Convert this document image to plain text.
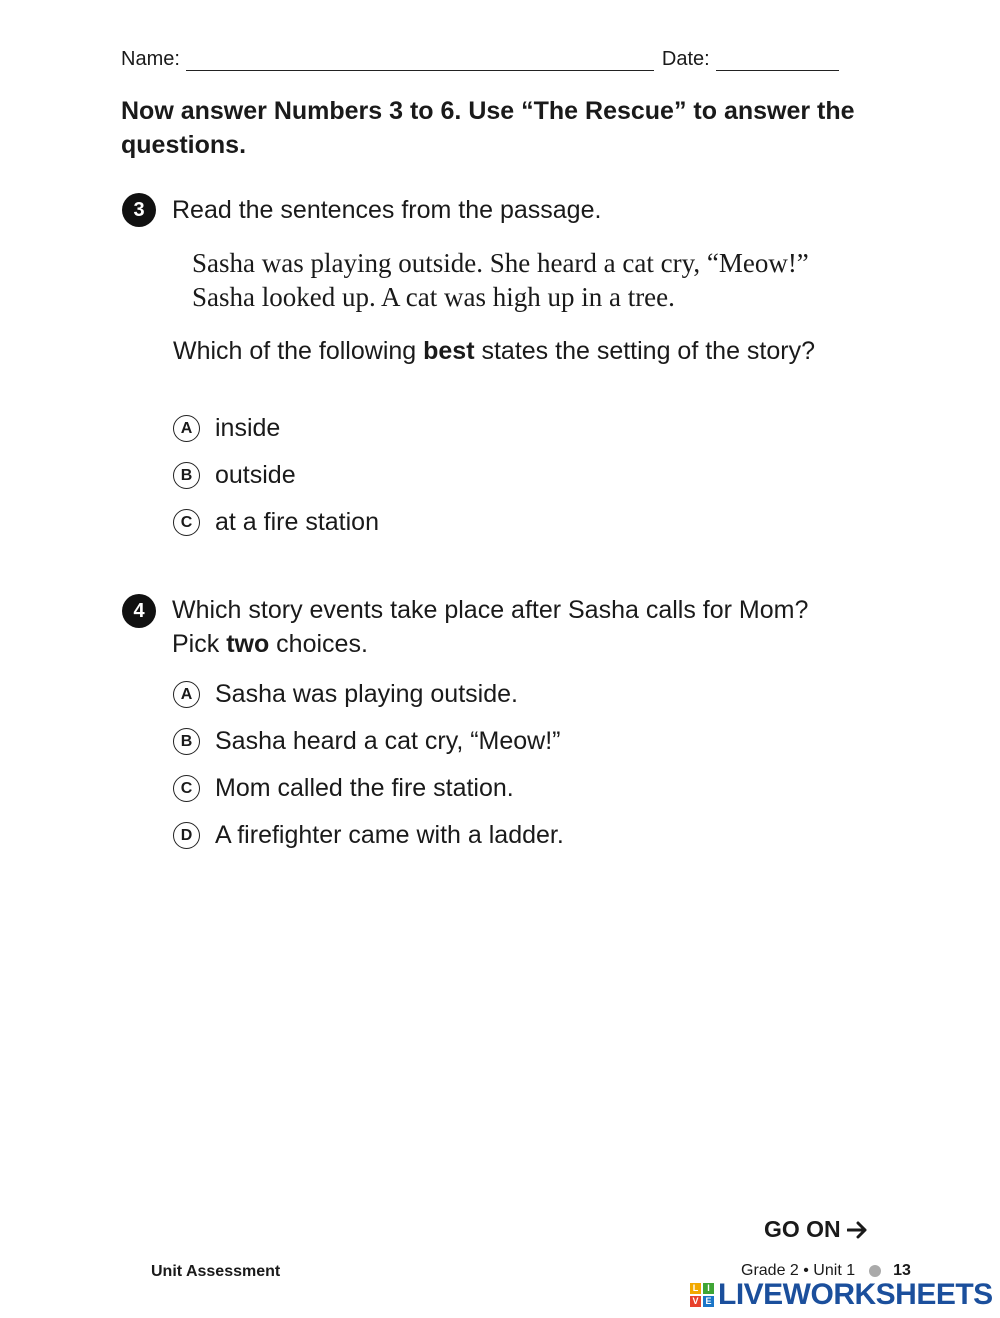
Name:	Date:
Now answer Numbers 3 to 6. Use “The Rescue” to answer the questions.
3	Read the sentences from the passage.
Sasha was playing outside. She heard a cat cry, “Meow!”
Sasha looked up. A cat was high up in a tree.
Which of the following best states the setting of the story?
A inside
B outside
C at a fire station
4	Which story events take place after Sasha calls for Mom?
Pick two choices.
A Sasha was playing outside.
B Sasha heard a cat cry, “Meow!”
C Mom called the fire station.
D A firefighter came with a ladder.
GO ON
Unit Assessment	Grade 2 • Unit 1 13
L I
V E LIVEWORKSHEETS
